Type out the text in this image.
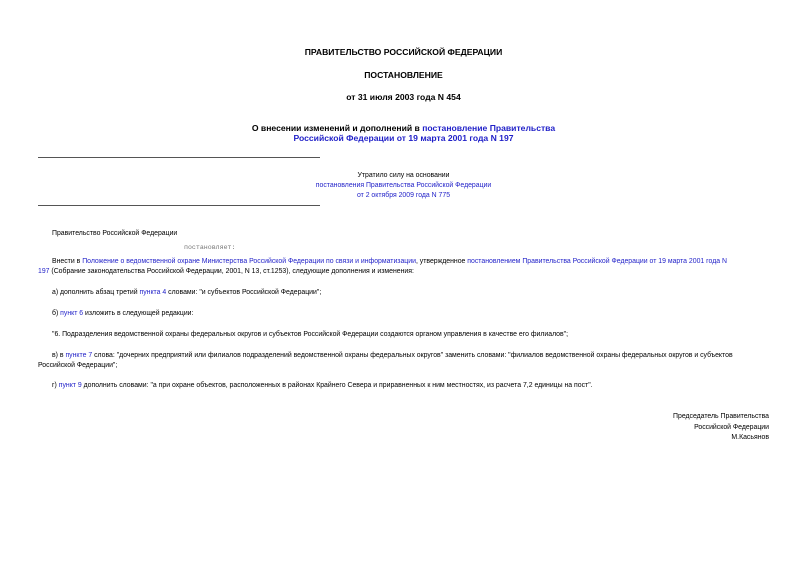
ПРАВИТЕЛЬСТВО РОССИЙСКОЙ ФЕДЕРАЦИИ
ПОСТАНОВЛЕНИЕ
от 31 июля 2003 года N 454
О внесении изменений и дополнений в постановление Правительства
Российской Федерации от 19 марта 2001 года N 197
Утратило силу на основании
постановления Правительства Российской Федерации
от 2 октября 2009 года N 775
Правительство Российской Федерации
постановляет:
Внести в Положение о ведомственной охране Министерства Российской Федерации по связи и информатизации, утвержденное постановлением Правительства Российской Федерации от 19 марта 2001 года N
197 (Собрание законодательства Российской Федерации, 2001, N 13, ст.1253), следующие дополнения и изменения:
а) дополнить абзац третий пункта 4 словами: "и субъектов Российской Федерации";
б) пункт 6 изложить в следующей редакции:
"6. Подразделения ведомственной охраны федеральных округов и субъектов Российской Федерации создаются органом управления в качестве его филиалов";
в) в пункте 7 слова: "дочерних предприятий или филиалов подразделений ведомственной охраны федеральных округов" заменить словами: "филиалов ведомственной охраны федеральных округов и субъектов
Российской Федерации";
г) пункт 9 дополнить словами: "а при охране объектов, расположенных в районах Крайнего Севера и приравненных к ним местностях, из расчета 7,2 единицы на пост".
Председатель Правительства
Российской Федерации
М.Касьянов
